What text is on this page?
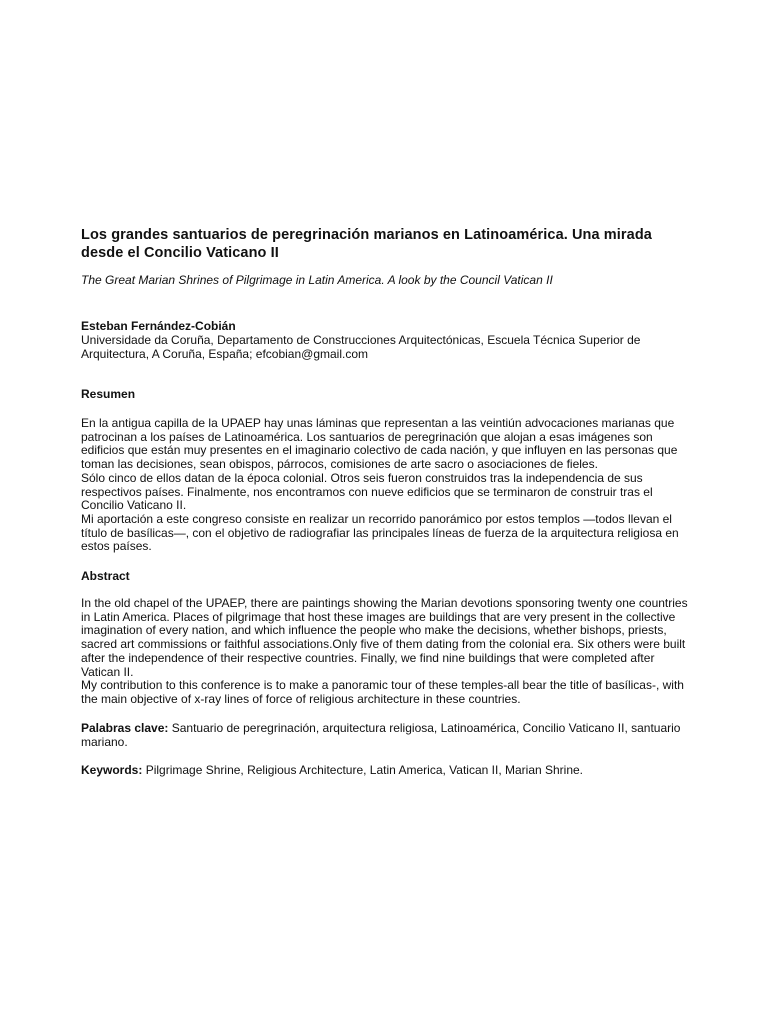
Los grandes santuarios de peregrinación marianos en Latinoamérica. Una mirada desde el Concilio Vaticano II

The Great Marian Shrines of Pilgrimage in Latin America. A look by the Council Vatican II

Esteban Fernández-Cobián
Universidade da Coruña, Departamento de Construcciones Arquitectónicas, Escuela Técnica Superior de Arquitectura, A Coruña, España; efcobian@gmail.com
Resumen

En la antigua capilla de la UPAEP hay unas láminas que representan a las veintiún advocaciones marianas que patrocinan a los países de Latinoamérica. Los santuarios de peregrinación que alojan a esas imágenes son edificios que están muy presentes en el imaginario colectivo de cada nación, y que influyen en las personas que toman las decisiones, sean obispos, párrocos, comisiones de arte sacro o asociaciones de fieles.

Sólo cinco de ellos datan de la época colonial. Otros seis fueron construidos tras la independencia de sus respectivos países. Finalmente, nos encontramos con nueve edificios que se terminaron de construir tras el Concilio Vaticano II.

Mi aportación a este congreso consiste en realizar un recorrido panorámico por estos templos —todos llevan el título de basílicas—, con el objetivo de radiografiar las principales líneas de fuerza de la arquitectura religiosa en estos países.

Abstract

In the old chapel of the UPAEP, there are paintings showing the Marian devotions sponsoring twenty one countries in Latin America. Places of pilgrimage that host these images are buildings that are very present in the collective imagination of every nation, and which influence the people who make the decisions, whether bishops, priests, sacred art commissions or faithful associations.Only five of them dating from the colonial era. Six others were built after the independence of their respective countries. Finally, we find nine buildings that were completed after Vatican II.

My contribution to this conference is to make a panoramic tour of these temples-all bear the title of basílicas-, with the main objective of x-ray lines of force of religious architecture in these countries.

Palabras clave: Santuario de peregrinación, arquitectura religiosa, Latinoamérica, Concilio Vaticano II, santuario mariano.

Keywords: Pilgrimage Shrine, Religious Architecture, Latin America, Vatican II, Marian Shrine.
